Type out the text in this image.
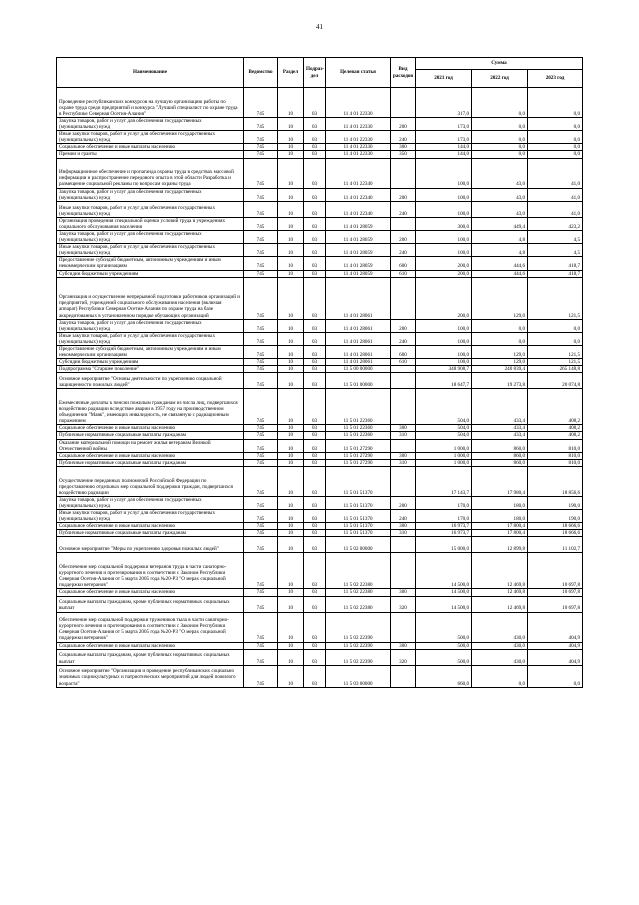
41
Наименование	Ведомство	Раздел	Подраз-дел	Целевая статья	Вид расходов	Сумма		
						2021 год	2022 год	2023 год
Проведение республиканских конкурсов на лучшую организацию работы по охране труда среди предприятий и конкурса "Лучший специалист по охране труда в Республике Северная Осетия-Алания"	745	10	03	11 4 01 22330		317,0	0,0	0,0
Закупка товаров, работ и услуг для обеспечения государственных (муниципальных) нужд	745	10	03	11 4 01 22330	200	173,0	0,0	0,0
Иные закупки товаров, работ и услуг для обеспечения государственных (муниципальных) нужд	745	10	03	11 4 01 22330	240	173,0	0,0	0,0
Социальное обеспечение и иные выплаты населению	745	10	03	11 4 01 22330	300	144,0	0,0	0,0
Премии и гранты	745	10	03	11 4 01 22330	350	144,0	0,0	0,0
Информационное обеспечение и пропаганда охраны труда в средствах массовой информации и распространение передового опыта в этой области Разработка и размещение социальной рекламы по вопросам охраны труда	745	10	03	11 4 01 22340		100,0	43,0	41,0
Закупка товаров, работ и услуг для обеспечения государственных (муниципальных) нужд	745	10	03	11 4 01 22340	200	100,0	43,0	41,0
Иные закупки товаров, работ и услуг для обеспечения государственных (муниципальных) нужд	745	10	03	11 4 01 22340	240	100,0	43,0	41,0
Организация проведения специальной оценки условий труда в учреждениях социального обслуживания населения	745	10	03	11 4 01 28059		300,0	449,4	423,2
Закупка товаров, работ и услуг для обеспечения государственных (муниципальных) нужд	745	10	03	11 4 01 28059	200	100,0	4,8	4,5
Иные закупки товаров, работ и услуг для обеспечения государственных (муниципальных) нужд	745	10	03	11 4 01 28059	240	100,0	4,8	4,5
Предоставление субсидий бюджетным, автономным учреждениям и иным некоммерческим организациям	745	10	03	11 4 01 28059	600	200,0	444,6	418,7
Субсидии бюджетным учреждениям	745	10	03	11 4 01 28059	610	200,0	444,6	418,7
Организация и осуществление непрерывной подготовки работников организаций и предприятий, учреждений социального обслуживания населения (включая аппарат) Республики Северная Осетия-Алания по охране труда на базе аккредитованных в установленном порядке обучающих организаций	745	10	03	11 4 01 28061		200,0	129,0	121,5
Закупка товаров, работ и услуг для обеспечения государственных (муниципальных) нужд	745	10	03	11 4 01 28061	200	100,0	0,0	0,0
Иные закупки товаров, работ и услуг для обеспечения государственных (муниципальных) нужд	745	10	03	11 4 01 28061	240	100,0	0,0	0,0
Предоставление субсидий бюджетным, автономным учреждениям и иным некоммерческим организациям	745	10	03	11 4 01 28061	600	100,0	129,0	121,5
Субсидии бюджетным учреждениям	745	10	03	11 4 01 28061	610	100,0	129,0	121,5
Подпрограмма "Старшее поколение"	745	10	03	11 5 00 00000		348 908,7	240 839,4	265 148,8
Основное мероприятие "Основы деятельности по укреплению социальной защищенности пожилых людей"	745	10	03	11 5 01 00000		18 647,7	19 273,8	20 074,8
Ежемесячные доплаты к пенсии пожилым гражданам из числа лиц, подвергшихся воздействию радиации вследствие аварии в 1957 году на производственном объединении "Маяк", имеющих инвалидность, не связанную с радиационным поражением	745	10	03	11 5 01 22360		504,0	433,4	408,2
Социальное обеспечение и иные выплаты населению	745	10	03	11 5 01 22360	300	504,0	433,4	408,2
Публичные нормативные социальные выплаты гражданам	745	10	03	11 5 01 22360	310	504,0	433,4	408,2
Оказание материальной помощи на ремонт жилья ветеранам Великой Отечественной войны	745	10	03	11 5 01 27290		1 000,0	860,0	810,0
Социальное обеспечение и иные выплаты населению	745	10	03	11 5 01 27290	300	1 000,0	860,0	810,0
Публичные нормативные социальные выплаты гражданам	745	10	03	11 5 01 27290	310	1 000,0	860,0	810,0
Осуществление переданных полномочий Российской Федерации по предоставлению отдельных мер социальной поддержки граждан, подвергшихся воздействию радиации	745	10	03	11 5 01 51370		17 143,7	17 980,4	18 856,6
Закупка товаров, работ и услуг для обеспечения государственных (муниципальных) нужд	745	10	03	11 5 01 51370	200	170,0	180,0	190,0
Иные закупки товаров, работ и услуг для обеспечения государственных (муниципальных) нужд	745	10	03	11 5 01 51370	240	170,0	180,0	190,0
Социальное обеспечение и иные выплаты населению	745	10	03	11 5 01 51370	300	16 973,7	17 800,4	18 666,6
Публичные нормативные социальные выплаты гражданам	745	10	03	11 5 01 51370	310	16 973,7	17 800,4	18 666,6
Основное мероприятие "Меры по укреплению здоровья пожилых людей"	745	10	03	11 5 02 00000		15 000,0	12 899,8	11 102,7
Обеспечение мер социальной поддержки ветеранов труда в части санаторно-курортного лечения и протезирования в соответствии с Законом Республики Северная Осетия-Алания от 5 марта 2005 года №20-РЗ "О мерах социальной поддержки ветеранов"	745	10	03	11 5 02 22380		14 500,0	12 469,8	10 697,8
Социальное обеспечение и иные выплаты населению	745	10	03	11 5 02 22380	300	14 500,0	12 469,8	10 697,8
Социальные выплаты гражданам, кроме публичных нормативных социальных выплат	745	10	03	11 5 02 22380	320	14 500,0	12 469,8	10 697,8
Обеспечение мер социальной поддержки тружеников тыла в части санаторно-курортного лечения и протезирования в соответствии с Законом Республики Северная Осетия-Алания от 5 марта 2005 года №20-РЗ "О мерах социальной поддержки ветеранов"	745	10	03	11 5 02 22390		500,0	430,0	404,9
Социальное обеспечение и иные выплаты населению	745	10	03	11 5 02 22390	300	500,0	430,0	404,9
Социальные выплаты гражданам, кроме публичных нормативных социальных выплат	745	10	03	11 5 02 22390	320	500,0	430,0	404,9
Основное мероприятие "Организация и проведение республиканских социально значимых социокультурных и патриотических мероприятий для людей пожилого возраста"	745	10	03	11 5 03 00000		660,0	0,0	0,0
